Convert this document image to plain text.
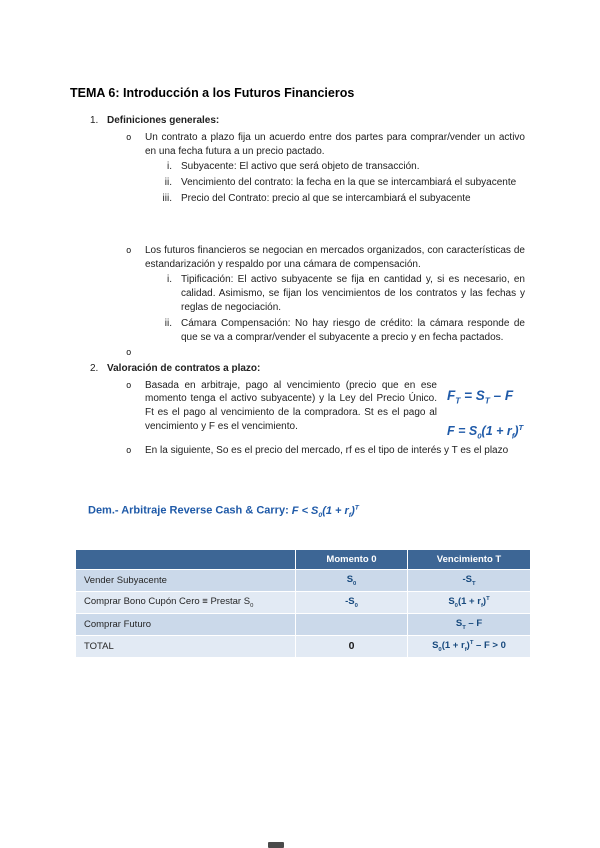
TEMA 6: Introducción a los Futuros Financieros
1. Definiciones generales:
o	Un contrato a plazo fija un acuerdo entre dos partes para comprar/vender un activo en una fecha futura a un precio pactado.
i. Subyacente: El activo que será objeto de transacción.
ii. Vencimiento del contrato: la fecha en la que se intercambiará el subyacente
iii. Precio del Contrato: precio al que se intercambiará el subyacente
o	Los futuros financieros se negocian en mercados organizados, con características de estandarización y respaldo por una cámara de compensación.
i. Tipificación: El activo subyacente se fija en cantidad y, si es necesario, en calidad. Asimismo, se fijan los vencimientos de los contratos y las fechas y reglas de negociación.
ii. Cámara Compensación: No hay riesgo de crédito: la cámara responde de que se va a comprar/vender el subyacente a precio y en fecha pactados.
o
2. Valoración de contratos a plazo:
o	Basada en arbitraje, pago al vencimiento (precio que en ese momento tenga el activo subyacente) y la Ley del Precio Único. Ft es el pago al vencimiento de la compradora. St es el pago al vencimiento y F es el vencimiento.
$F_T = S_T - F$
$F = S_0(1 + r_f)^T$
o	En la siguiente, So es el precio del mercado, rf es el tipo de interés y T es el plazo
Dem.- Arbitraje Reverse Cash & Carry: $F < S_0(1 + r_f)^T$
	Momento 0	Vencimiento T
Vender Subyacente	$S_0$	$-S_T$
Comprar Bono Cupón Cero ≡ Prestar $S_0$	$-S_0$	$S_0(1 + r_f)^T$
Comprar Futuro		$S_T$ – F
TOTAL	0	$S_0(1 + r_f)^T - F > 0$
